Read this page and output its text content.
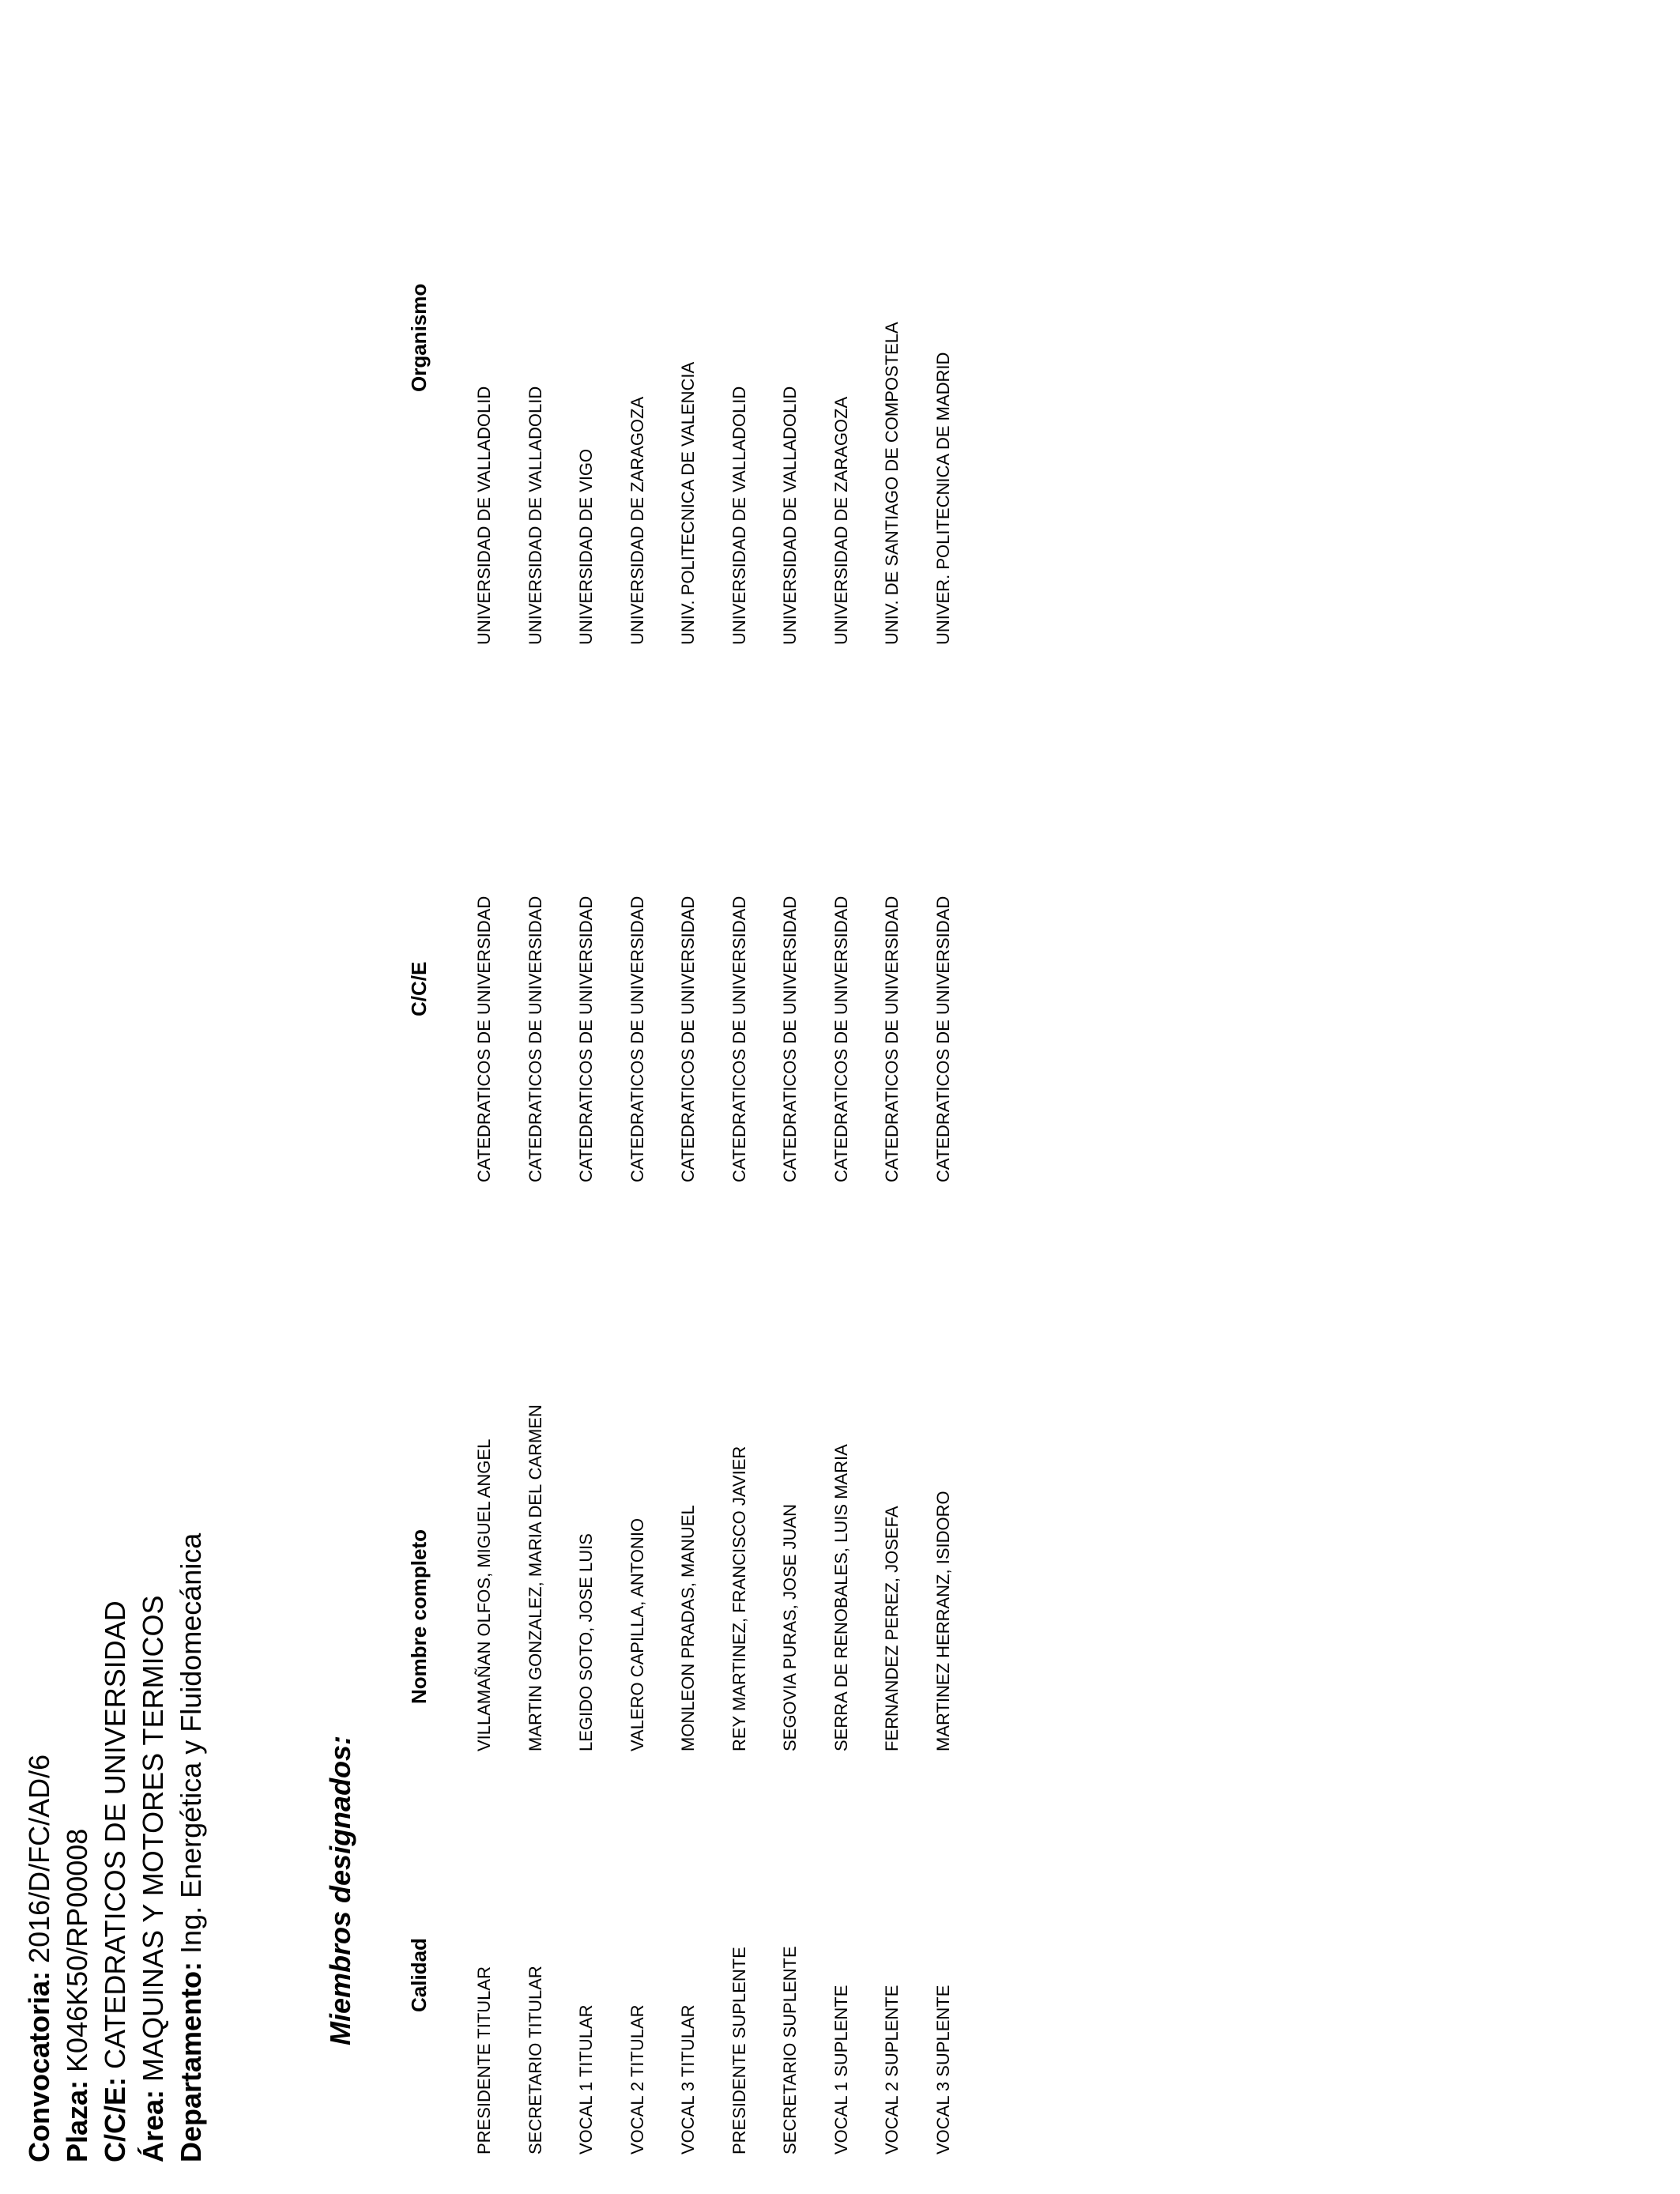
Convocatoria: 2016/D/FC/AD/6
Plaza: K046K50/RP00008
C/C/E: CATEDRATICOS DE UNIVERSIDAD
Área: MAQUINAS Y MOTORES TERMICOS Departamento: Ing. Energética y Fluidomecánica	Miembros designados: Calidad
Nombre completo
C/C/E
Organismo
PRESIDENTE TITULAR
VILLAMAÑAN OLFOS, MIGUEL ANGEL
CATEDRATICOS DE UNIVERSIDAD
UNIVERSIDAD DE VALLADOLID
SECRETARIO TITULAR
MARTIN GONZALEZ, MARIA DEL CARMEN
CATEDRATICOS DE UNIVERSIDAD
UNIVERSIDAD DE VALLADOLID
VOCAL 1 TITULAR
LEGIDO SOTO, JOSE LUIS
CATEDRATICOS DE UNIVERSIDAD
UNIVERSIDAD DE VIGO
VOCAL 2 TITULAR
VALERO CAPILLA, ANTONIO
CATEDRATICOS DE UNIVERSIDAD
UNIVERSIDAD DE ZARAGOZA
VOCAL 3 TITULAR
MONLEON PRADAS, MANUEL
CATEDRATICOS DE UNIVERSIDAD
UNIV. POLITECNICA DE VALENCIA
PRESIDENTE SUPLENTE
REY MARTINEZ, FRANCISCO JAVIER
CATEDRATICOS DE UNIVERSIDAD
UNIVERSIDAD DE VALLADOLID
SECRETARIO SUPLENTE
SEGOVIA PURAS, JOSE JUAN
CATEDRATICOS DE UNIVERSIDAD
UNIVERSIDAD DE VALLADOLID
VOCAL 1 SUPLENTE
SERRA DE RENOBALES, LUIS MARIA
CATEDRATICOS DE UNIVERSIDAD
UNIVERSIDAD DE ZARAGOZA
VOCAL 2 SUPLENTE
FERNANDEZ PEREZ, JOSEFA
CATEDRATICOS DE UNIVERSIDAD
UNIV. DE SANTIAGO DE COMPOSTELA
VOCAL 3 SUPLENTE
MARTINEZ HERRANZ, ISIDORO
CATEDRATICOS DE UNIVERSIDAD
UNIVER. POLITECNICA DE MADRID
